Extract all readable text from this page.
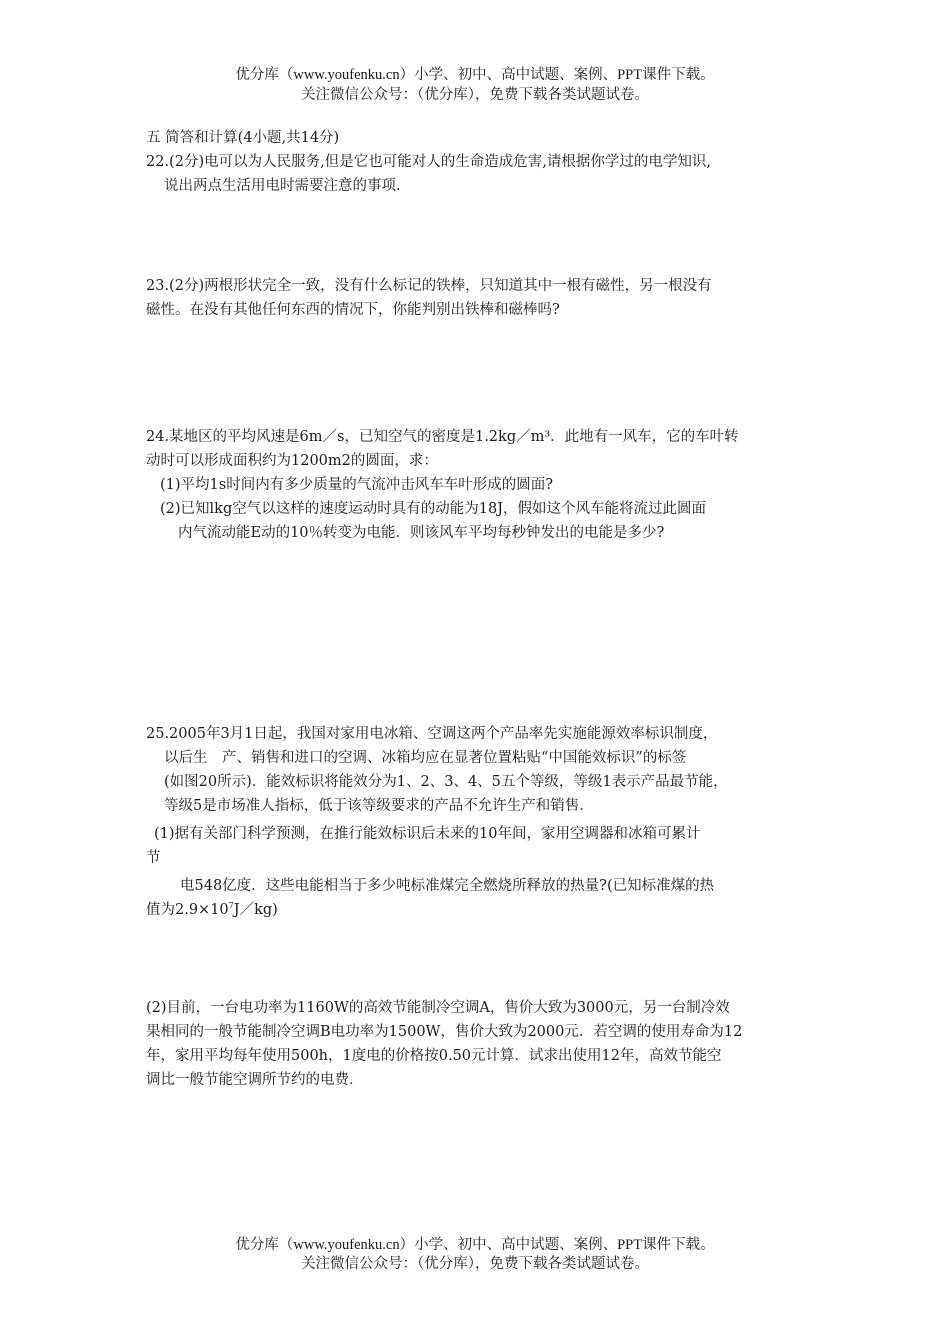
优分库（www.youfenku.cn）小学、初中、高中试题、案例、PPT课件下载。
关注微信公众号：（优分库），免费下载各类试题试卷。
五 简答和计算(4小题,共14分)
22.(2分)电可以为人民服务,但是它也可能对人的生命造成危害,请根据你学过的电学知识,
说出两点生活用电时需要注意的事项.
23.(2分)两根形状完全一致，没有什么标记的铁棒，只知道其中一根有磁性，另一根没有
磁性。在没有其他任何东西的情况下，你能判别出铁棒和磁棒吗?
24.某地区的平均风速是6m／s，已知空气的密度是1.2kg／m³．此地有一风车，它的车叶转
动时可以形成面积约为1200m2的圆面，求：
(1)平均1s时间内有多少质量的气流冲击风车车叶形成的圆面?
(2)已知lkg空气以这样的速度运动时具有的动能为18J，假如这个风车能将流过此圆面
内气流动能E动的10％转变为电能．则该风车平均每秒钟发出的电能是多少?
25.2005年3月1日起，我国对家用电冰箱、空调这两个产品率先实施能源效率标识制度，
以后生　产、销售和进口的空调、冰箱均应在显著位置粘贴“中国能效标识”的标签
(如图20所示)．能效标识将能效分为1、2、3、4、5五个等级，等级1表示产品最节能，
等级5是市场准人指标，低于该等级要求的产品不允许生产和销售．
(1)据有关部门科学预测，在推行能效标识后未来的10年间，家用空调器和冰箱可累计
节
电548亿度．这些电能相当于多少吨标准煤完全燃烧所释放的热量?(已知标准煤的热
值为$2.9\times 10^7J/kg$)
(2)目前，一台电功率为1160W的高效节能制冷空调A，售价大致为3000元，另一台制冷效
果相同的一般节能制冷空调B电功率为1500W，售价大致为2000元．若空调的使用寿命为12
年，家用平均每年使用500h，1度电的价格按0.50元计算．试求出使用12年，高效节能空
调比一般节能空调所节约的电费．
优分库（www.youfenku.cn）小学、初中、高中试题、案例、PPT课件下载。
关注微信公众号：（优分库），免费下载各类试题试卷。
